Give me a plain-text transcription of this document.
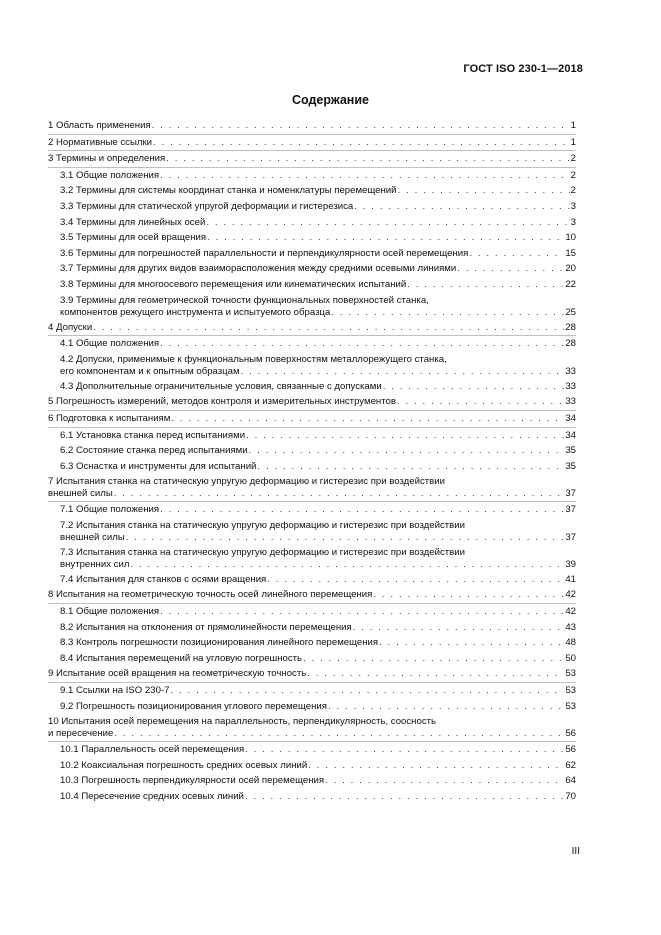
ГОСТ ISO 230-1—2018
Содержание
1 Область применения . . .	1
2 Нормативные ссылки . . .	1
3 Термины и определения . . .	2
3.1 Общие положения . . .	2
3.2 Термины для системы координат станка и номенклатуры перемещений . . .	2
3.3 Термины для статической упругой деформации и гистерезиса . . .	3
3.4 Термины для линейных осей . . .	3
3.5 Термины для осей вращения . . .	10
3.6 Термины для погрешностей параллельности и перпендикулярности осей перемещения . . .	15
3.7 Термины для других видов взаиморасположения между средними осевыми линиями . . .	20
3.8 Термины для многоосевого перемещения или кинематических испытаний . . .	22
3.9 Термины для геометрической точности функциональных поверхностей станка,
компонентов режущего инструмента и испытуемого образца . . .	25
4 Допуски . . .	28
4.1 Общие положения . . .	28
4.2 Допуски, применимые к функциональным поверхностям металлорежущего станка,
его компонентам и к опытным образцам . . .	33
4.3 Дополнительные ограничительные условия, связанные с допусками . . .	33
5 Погрешность измерений, методов контроля и измерительных инструментов . . .	33
6 Подготовка к испытаниям . . .	34
6.1 Установка станка перед испытаниями . . .	34
6.2 Состояние станка перед испытаниями . . .	35
6.3 Оснастка и инструменты для испытаний . . .	35
7 Испытания станка на статическую упругую деформацию и гистерезис при воздействии
внешней силы . . .	37
7.1 Общие положения . . .	37
7.2 Испытания станка на статическую упругую деформацию и гистерезис при воздействии
внешней силы . . .	37
7.3 Испытания станка на статическую упругую деформацию и гистерезис при воздействии
внутренних сил . . .	39
7.4 Испытания для станков с осями вращения . . .	41
8 Испытания на геометрическую точность осей линейного перемещения . . .	42
8.1 Общие положения . . .	42
8.2 Испытания на отклонения от прямолинейности перемещения . . .	43
8.3 Контроль погрешности позиционирования линейного перемещения . . .	48
8.4 Испытания перемещений на угловую погрешность . . .	50
9 Испытание осей вращения на геометрическую точность . . .	53
9.1 Ссылки на ISO 230-7 . . .	53
9.2 Погрешность позиционирования углового перемещения . . .	53
10 Испытания осей перемещения на параллельность, перпендикулярность, соосность
и пересечение . . .	56
10.1 Параллельность осей перемещения . . .	56
10.2 Коаксиальная погрешность средних осевых линий . . .	62
10.3 Погрешность перпендикулярности осей перемещения . . .	64
10.4 Пересечение средних осевых линий . . .	70
III
